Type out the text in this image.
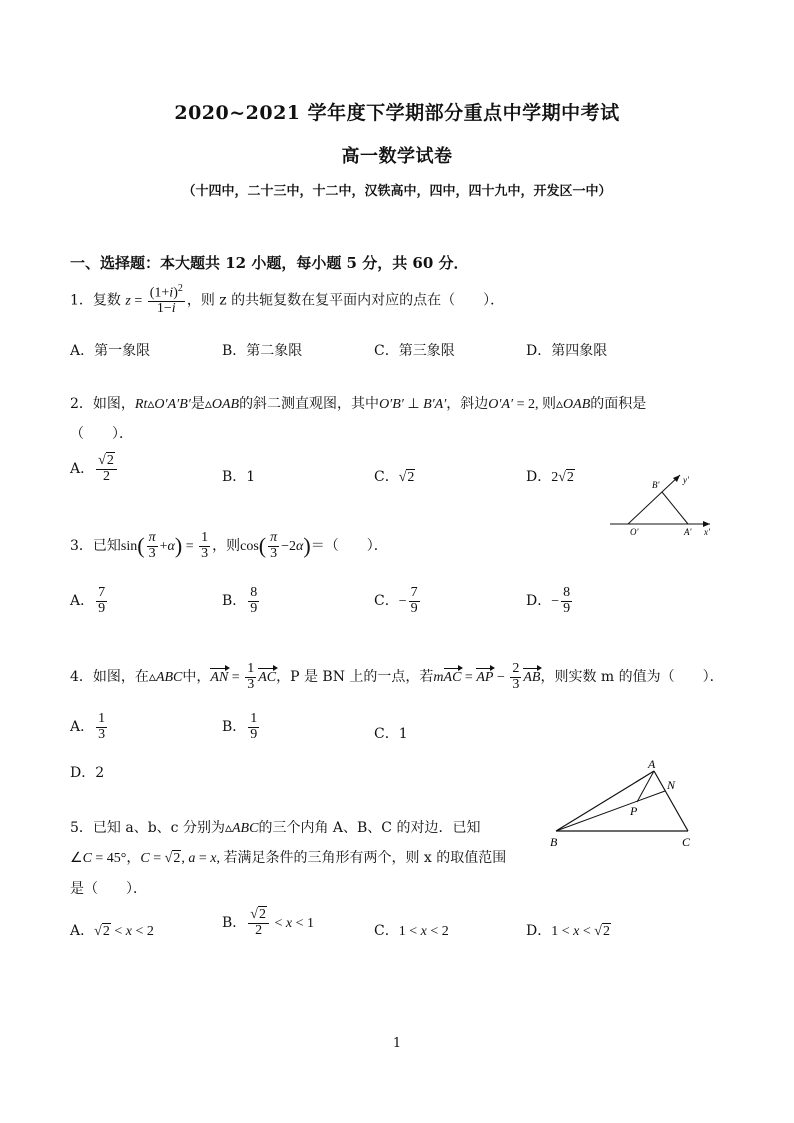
2020~2021 学年度下学期部分重点中学期中考试
高一数学试卷
（十四中，二十三中，十二中，汉铁高中，四中，四十九中，开发区一中）
一、选择题：本大题共 12 小题，每小题 5 分，共 60 分．
1．复数 $z = \frac{(1+i)^2}{1-i}$ ，则 z 的共轭复数在复平面内对应的点在（　　）．
A．第一象限	B．第二象限	C．第三象限	D．第四象限
2．如图，Rt▵O′A′B′是▵OAB的斜二测直观图，其中O′B′ ⊥ B′A′，斜边O′A′ = 2, 则▵OAB的面积是
（　　）．
A． $\frac{√2}{2}$	B．1	C．√2	D．2√2	B'	y'
O'	A' x'
3．已知$\sin( \frac{\pi}{3} +\alpha) = \frac{1}{3}$ ，则$\cos( \frac{\pi}{3} -2\alpha)=$（　　）．
A． $\frac{7}{9}$	B． $\frac{8}{9}$	C．− $\frac{7}{9}$	D．− $\frac{8}{9}$
4．如图，在▵ABC中，AN = $\frac{1}{3}$ AC，P 是 BN 上的一点，若mAC = AP − $\frac{2}{3}$ AB，则实数 m 的值为（　　）．
A． $\frac{1}{3}$	B． $\frac{1}{9}$	C．1
D．2
A
N
P
B	C
5．已知 a、b、c 分别为▵ABC的三个内角 A、B、C 的对边．已知
∠C = 45°，C = √2, a = x, 若满足条件的三角形有两个，则 x 的取值范围
是（　　）．
A．√2 < x < 2
B． $\frac{√2}{2} < x < 1$	C．1 < x < 2	D．1 < x < √2
1
